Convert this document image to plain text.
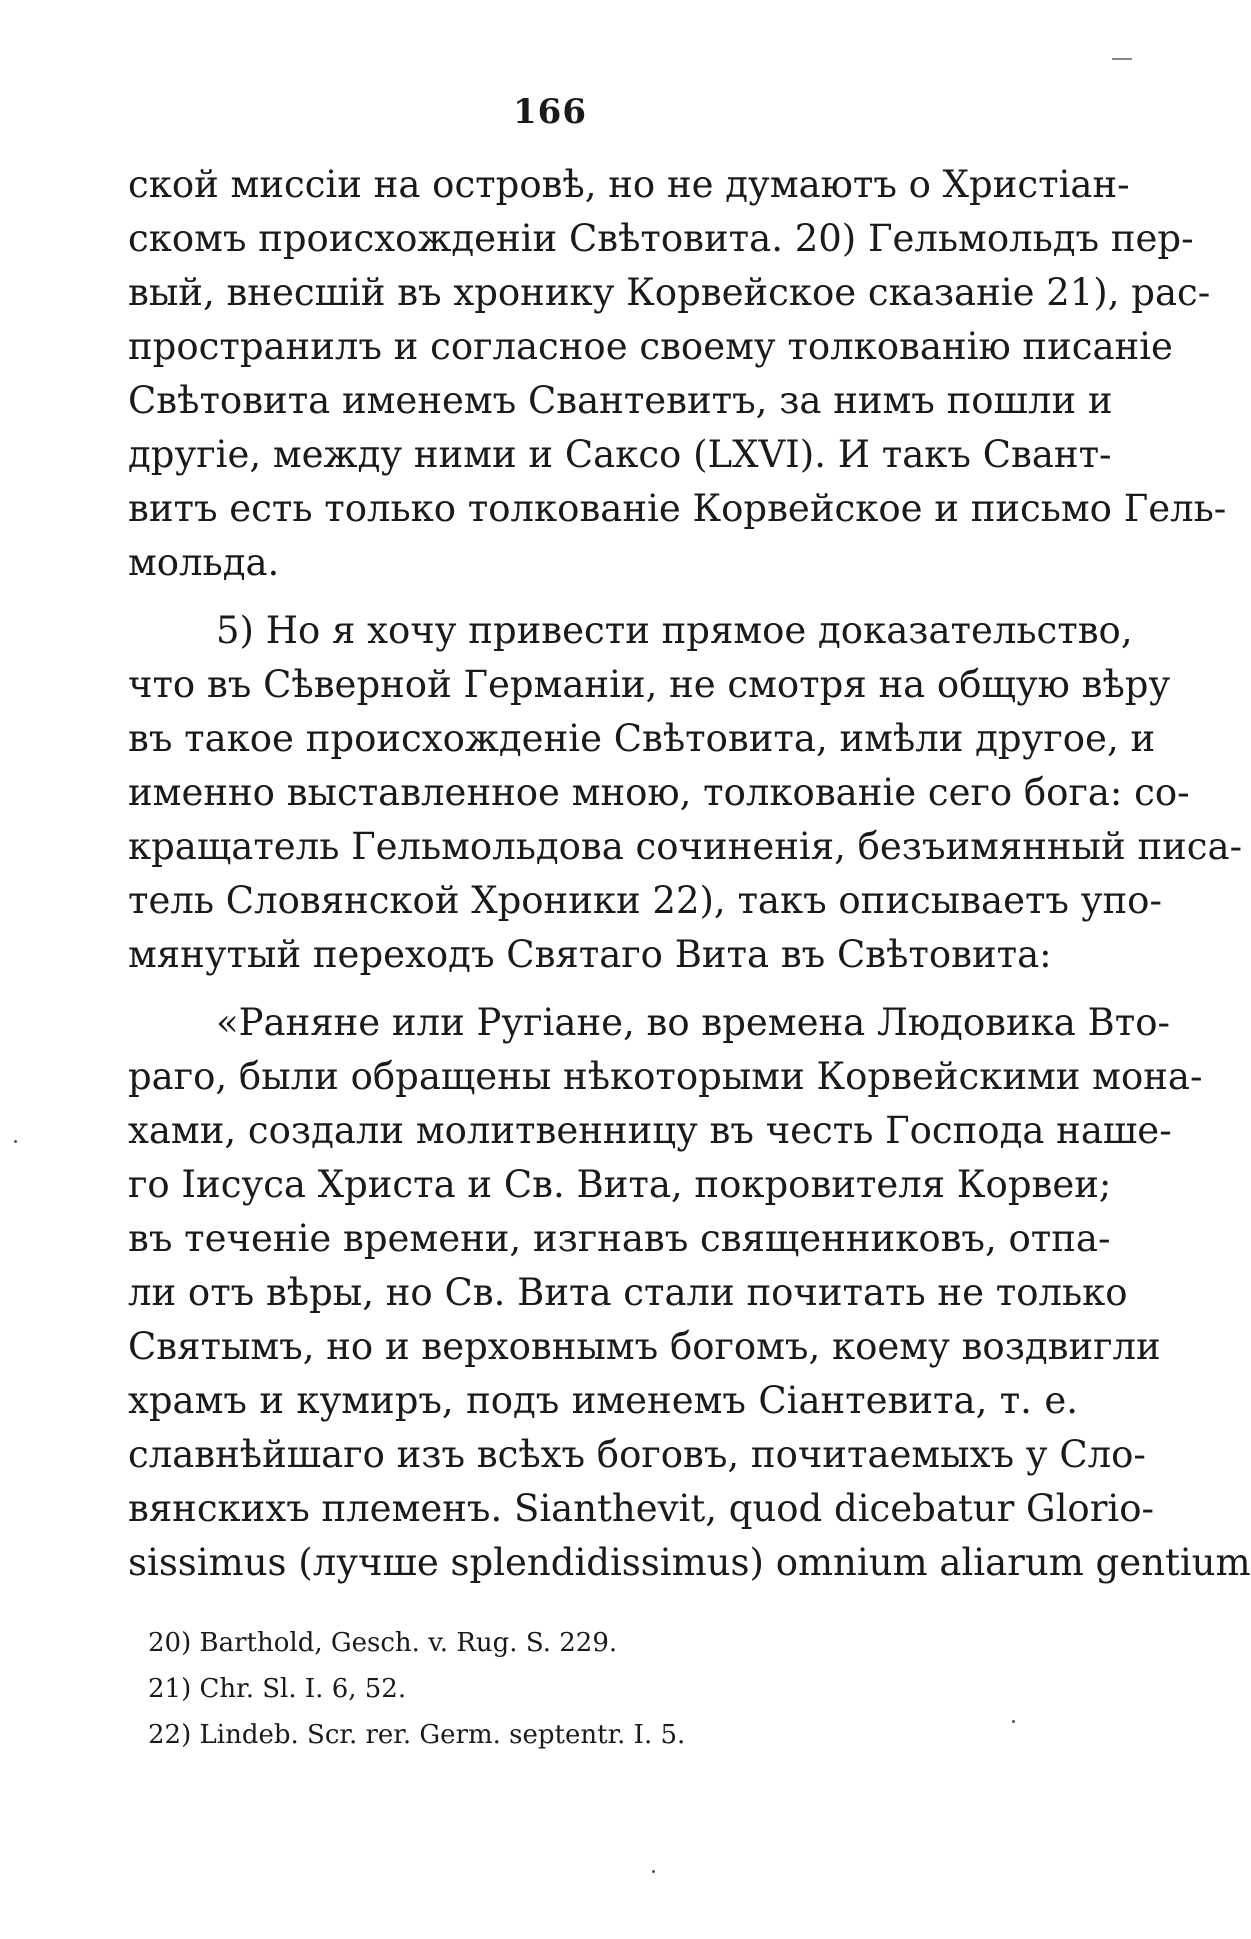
166
ской миссіи на островѣ, но не думаютъ о Христіан-
скомъ происхожденіи Свѣтовита. 20) Гельмольдъ пер-
вый, внесшій въ хронику Корвейское сказаніе 21), рас-
пространилъ и согласное своему толкованію писаніе
Свѣтовита именемъ Свантевитъ, за нимъ пошли и
другіе, между ними и Саксо (LXVI). И такъ Свант-
витъ есть только толкованіе Корвейское и письмо Гель-
мольда.
5) Но я хочу привести прямое доказательство,
что въ Сѣверной Германіи, не смотря на общую вѣру
въ такое происхожденіе Свѣтовита, имѣли другое, и
именно выставленное мною, толкованіе сего бога: со-
кращатель Гельмольдова сочиненія, безъимянный писа-
тель Словянской Хроники 22), такъ описываетъ упо-
мянутый переходъ Святаго Вита въ Свѣтовита:
«Раняне или Ругіане, во времена Людовика Вто-
раго, были обращены нѣкоторыми Корвейскими мона-
хами, создали молитвенницу въ честь Господа наше-
го Іисуса Христа и Св. Вита, покровителя Корвеи;
въ теченіе времени, изгнавъ священниковъ, отпа-
ли отъ вѣры, но Св. Вита стали почитать не только
Святымъ, но и верховнымъ богомъ, коему воздвигли
храмъ и кумиръ, подъ именемъ Сіантевита, т. е.
славнѣйшаго изъ всѣхъ боговъ, почитаемыхъ у Сло-
вянскихъ племенъ. Sianthevit, quod dicebatur Glorio-
sissimus (лучше splendidissimus) omnium aliarum gentium
20) Barthold, Gesch. v. Rug. S. 229.
21) Chr. Sl. I. 6, 52.
22) Lindeb. Scr. rer. Germ. septentr. I. 5.
